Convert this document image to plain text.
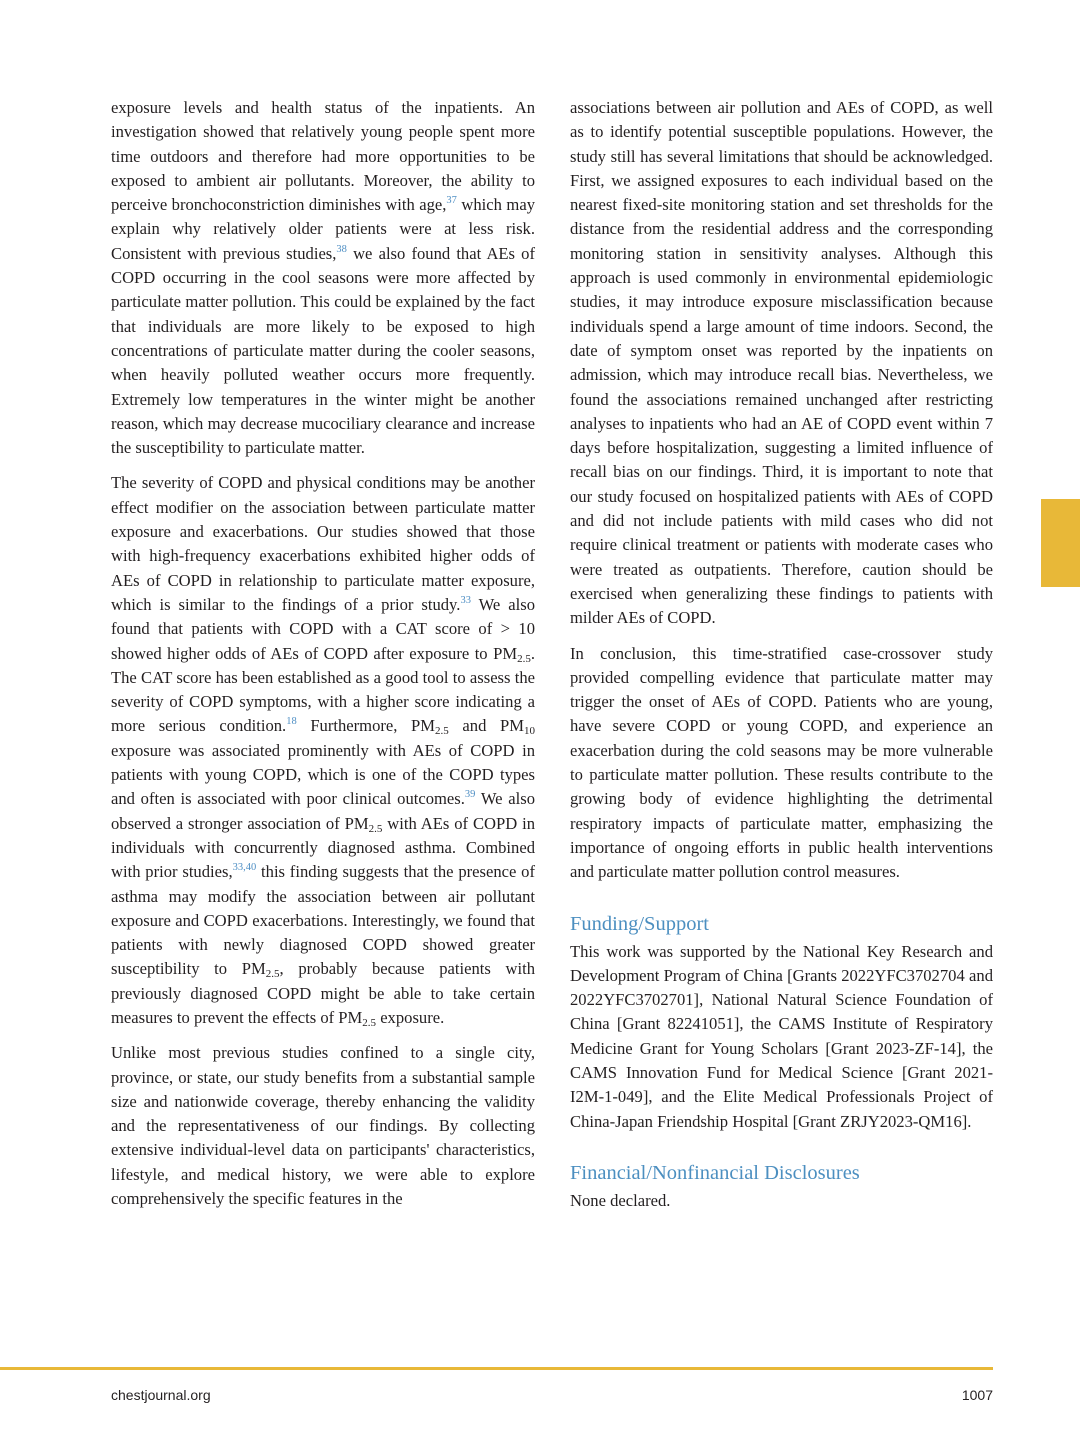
exposure levels and health status of the inpatients. An investigation showed that relatively young people spent more time outdoors and therefore had more opportunities to be exposed to ambient air pollutants. Moreover, the ability to perceive bronchoconstriction diminishes with age,$^{37}$ which may explain why relatively older patients were at less risk. Consistent with previous studies,$^{38}$ we also found that AEs of COPD occurring in the cool seasons were more affected by particulate matter pollution. This could be explained by the fact that individuals are more likely to be exposed to high concentrations of particulate matter during the cooler seasons, when heavily polluted weather occurs more frequently. Extremely low temperatures in the winter might be another reason, which may decrease mucociliary clearance and increase the susceptibility to particulate matter.

The severity of COPD and physical conditions may be another effect modifier on the association between particulate matter exposure and exacerbations. Our studies showed that those with high-frequency exacerbations exhibited higher odds of AEs of COPD in relationship to particulate matter exposure, which is similar to the findings of a prior study.$^{33}$ We also found that patients with COPD with a CAT score of > 10 showed higher odds of AEs of COPD after exposure to $PM_{2.5}$. The CAT score has been established as a good tool to assess the severity of COPD symptoms, with a higher score indicating a more serious condition.$^{18}$ Furthermore, $PM_{2.5}$ and $PM_{10}$ exposure was associated prominently with AEs of COPD in patients with young COPD, which is one of the COPD types and often is associated with poor clinical outcomes.$^{39}$ We also observed a stronger association of $PM_{2.5}$ with AEs of COPD in individuals with concurrently diagnosed asthma. Combined with prior studies,$^{33,40}$ this finding suggests that the presence of asthma may modify the association between air pollutant exposure and COPD exacerbations. Interestingly, we found that patients with newly diagnosed COPD showed greater susceptibility to $PM_{2.5}$, probably because patients with previously diagnosed COPD might be able to take certain measures to prevent the effects of $PM_{2.5}$ exposure.

Unlike most previous studies confined to a single city, province, or state, our study benefits from a substantial sample size and nationwide coverage, thereby enhancing the validity and the representativeness of our findings. By collecting extensive individual-level data on participants' characteristics, lifestyle, and medical history, we were able to explore comprehensively the specific features in the

associations between air pollution and AEs of COPD, as well as to identify potential susceptible populations. However, the study still has several limitations that should be acknowledged. First, we assigned exposures to each individual based on the nearest fixed-site monitoring station and set thresholds for the distance from the residential address and the corresponding monitoring station in sensitivity analyses. Although this approach is used commonly in environmental epidemiologic studies, it may introduce exposure misclassification because individuals spend a large amount of time indoors. Second, the date of symptom onset was reported by the inpatients on admission, which may introduce recall bias. Nevertheless, we found the associations remained unchanged after restricting analyses to inpatients who had an AE of COPD event within 7 days before hospitalization, suggesting a limited influence of recall bias on our findings. Third, it is important to note that our study focused on hospitalized patients with AEs of COPD and did not include patients with mild cases who did not require clinical treatment or patients with moderate cases who were treated as outpatients. Therefore, caution should be exercised when generalizing these findings to patients with milder AEs of COPD.

In conclusion, this time-stratified case-crossover study provided compelling evidence that particulate matter may trigger the onset of AEs of COPD. Patients who are young, have severe COPD or young COPD, and experience an exacerbation during the cold seasons may be more vulnerable to particulate matter pollution. These results contribute to the growing body of evidence highlighting the detrimental respiratory impacts of particulate matter, emphasizing the importance of ongoing efforts in public health interventions and particulate matter pollution control measures.

Funding/Support

This work was supported by the National Key Research and Development Program of China [Grants 2022YFC3702704 and 2022YFC3702701], National Natural Science Foundation of China [Grant 82241051], the CAMS Institute of Respiratory Medicine Grant for Young Scholars [Grant 2023-ZF-14], the CAMS Innovation Fund for Medical Science [Grant 2021-I2M-1-049], and the Elite Medical Professionals Project of China-Japan Friendship Hospital [Grant ZRJY2023-QM16].

Financial/Nonfinancial Disclosures

None declared.

chestjournal.org	1007
